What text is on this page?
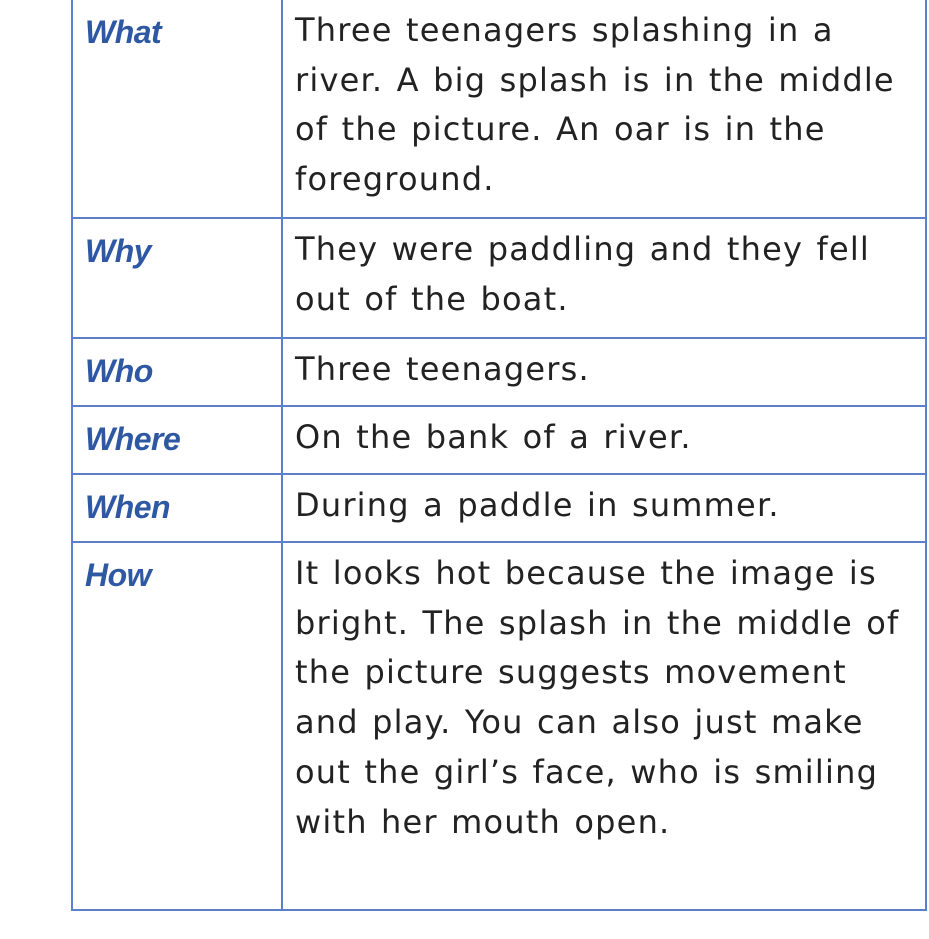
What	Three teenagers splashing in a river. A big splash is in the middle of the picture. An oar is in the foreground.
Why	They were paddling and they fell out of the boat.
Who	Three teenagers.
Where	On the bank of a river.
When	During a paddle in summer.
How	It looks hot because the image is bright. The splash in the middle of the picture suggests movement and play. You can also just make out the girl’s face, who is smiling with her mouth open.
